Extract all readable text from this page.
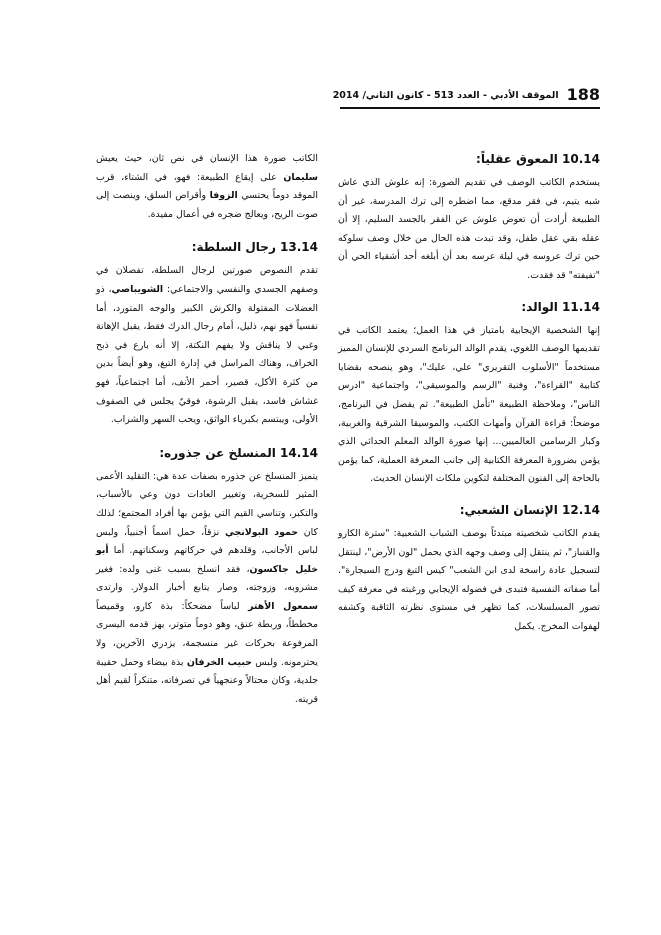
188
الموقف الأدبي - العدد 513 - كانون الثاني/ 2014
10.14 المعوق عقلياً:

يستخدم الكاتب الوصف في تقديم الصورة: إنه علوش الذي عاش شبه يتيم، في فقر مدقع، مما اضطره إلى ترك المدرسة، غير أن الطبيعة أرادت أن تعوض علوش عن الفقر بالجسد السليم، إلا أن عقله بقي عقل طفل، وقد تبدت هذه الحال من خلال وصف سلوكه حين ترك عروسه في ليلة عرسه بعد أن أبلغه أحد أشقياء الحي أن "تفيفته" قد فقدت.

11.14 الوالد:

إنها الشخصية الإيجابية بامتياز في هذا العمل؛ يعتمد الكاتب في تقديمها الوصف اللغوي، يقدم الوالد البرنامج السردي للإنسان المميز مستخدماً "الأسلوب التقريري" علي، عليك"، وهو ينصحه بقضايا كتابية "القراءة"، وفنية "الرسم والموسيقى"، واجتماعية "ادرس الناس"، وملاحظة الطبيعة "تأمل الطبيعة". ثم يفصل في البرنامج، موضحاً: قراءة القرآن وأمهات الكتب، والموسيقا الشرقية والغربية، وكبار الرسامين العالميين... إنها صورة الوالد المعلم الحداثي الذي يؤمن بضرورة المعرفة الكتابية إلى جانب المعرفة العملية، كما يؤمن بالحاجة إلى الفنون المختلفة لتكوين ملكات الإنسان الحديث.

12.14 الإنسان الشعبي:

يقدم الكاتب شخصيته مبتدئاً بوصف الشباب الشعبية: "سترة الكارو والقنباز"، ثم ينتقل إلى وصف وجهه الذي يحمل "لون الأرض"، لينتقل لتسجيل عادة راسخة لدى ابن الشعب" كيس التبغ ودرج السيجارة". أما صفاته النفسية فتبدى في فضوله الإيجابي ورغبته في معرفة كيف تصور المسلسلات، كما تظهر في مستوى نظرته الثاقبة وكشفه لهفوات المخرج. يكمل

الكاتب صورة هذا الإنسان في نص ثان، حيث يعيش سليمان على إيقاع الطبيعة: فهو، في الشتاء، قرب الموقد دوماً يحتسي الزوفا وأقراص السلق، وينصت إلى صوت الريح، ويعالج ضجره في أعمال مفيدة.

13.14 رجال السلطة:

تقدم النصوص صورتين لرجال السلطة، تفصلان في وصفهم الجسدي والنفسي والاجتماعي: الشويباصي، ذو العضلات المفتولة والكرش الكبير والوجه المتورد، أما نفسياً فهو نهم، ذليل، أمام رجال الدرك فقط، يقبل الإهانة وغبي لا يناقش ولا يفهم النكتة، إلا أنه بارع في ذبح الخراف، وهناك المراسل في إدارة التبغ، وهو أيضاً بدين من كثرة الأكل، قصير، أحمر الأنف، أما اجتماعياً، فهو غشاش فاسد، يقبل الرشوة، فوقيٌ يجلس في الصفوف الأولى، ويبتسم بكبرياء الواثق، ويحب السهر والشراب.

14.14 المنسلخ عن جذوره:

يتميز المنسلخ عن جذوره بصفات عدة هي: التقليد الأعمى المثير للسخرية، وتغيير العادات دون وعي بالأسباب، والتكبر، وتناسي القيم التي يؤمن بها أفراد المجتمع؛ لذلك كان حمود البولانجي نزقاً، حمل اسماً أجنبياً، ولبس لباس الأجانب، وقلدهم في حركاتهم وسكناتهم. أما أبو خليل جاكسون، فقد انسلخ بسبب غنى ولده: فغير مشروبه، وزوجته، وصار يتابع أخبار الدولار. وارتدى سمعول الأهتر لباساً مضحكاً: بذة كارو، وقميصاً مخططاً، وربطة عنق، وهو دوماً متوتر، يهز قدمه اليسرى المرفوعة بحركات غير منسجمة، يزدري الآخرين، ولا يحترمونه. ولبس حبيب الخرفان بذة بيضاء وحمل حقيبة جلدية، وكان محتالاً وعنجهياً في تصرفاته، متنكراً لقيم أهل قريته.
